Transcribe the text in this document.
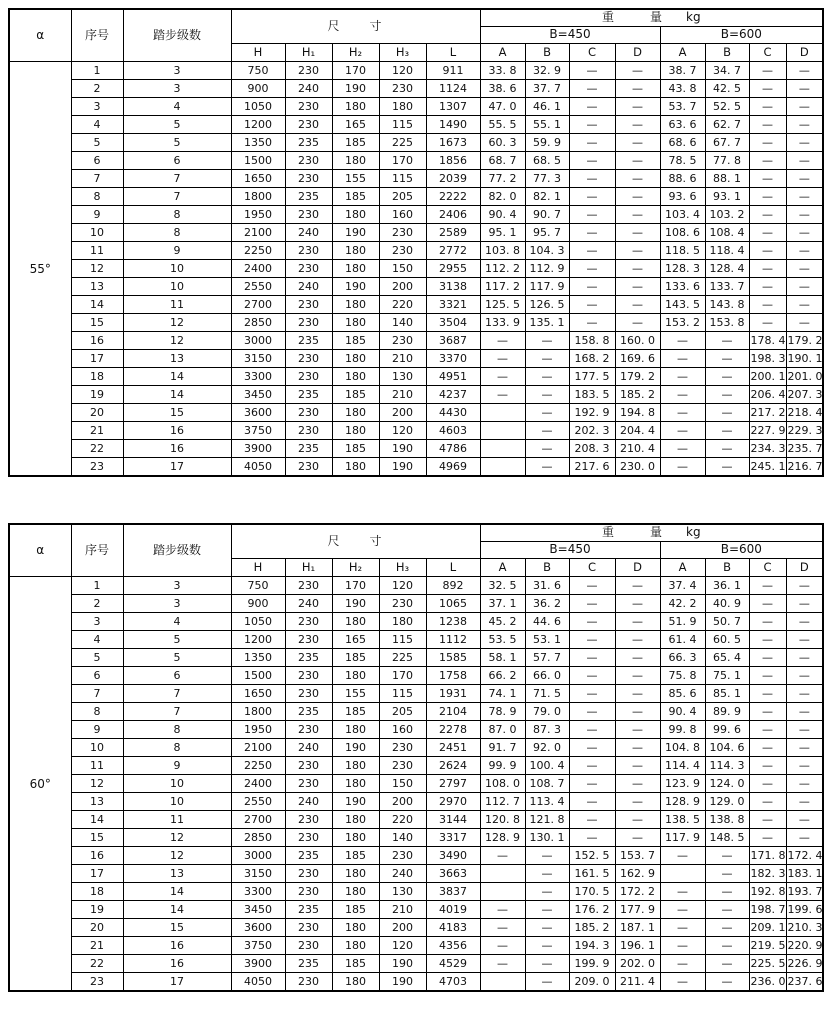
α	序号	踏步级数	尺　　寸					重　　　量　　kg							
								B=450				B=600			
			H	H₁	H₂	H₃	L	A	B	C	D	A	B	C	D
55°	1	3	750	230	170	120	911	33. 8	32. 9	—	—	38. 7	34. 7	—	—
	2	3	900	240	190	230	1124	38. 6	37. 7	—	—	43. 8	42. 5	—	—
	3	4	1050	230	180	180	1307	47. 0	46. 1	—	—	53. 7	52. 5	—	—
	4	5	1200	230	165	115	1490	55. 5	55. 1	—	—	63. 6	62. 7	—	—
	5	5	1350	235	185	225	1673	60. 3	59. 9	—	—	68. 6	67. 7	—	—
	6	6	1500	230	180	170	1856	68. 7	68. 5	—	—	78. 5	77. 8	—	—
	7	7	1650	230	155	115	2039	77. 2	77. 3	—	—	88. 6	88. 1	—	—
	8	7	1800	235	185	205	2222	82. 0	82. 1	—	—	93. 6	93. 1	—	—
	9	8	1950	230	180	160	2406	90. 4	90. 7	—	—	103. 4	103. 2	—	—
	10	8	2100	240	190	230	2589	95. 1	95. 7	—	—	108. 6	108. 4	—	—
	11	9	2250	230	180	230	2772	103. 8	104. 3	—	—	118. 5	118. 4	—	—
	12	10	2400	230	180	150	2955	112. 2	112. 9	—	—	128. 3	128. 4	—	—
	13	10	2550	240	190	200	3138	117. 2	117. 9	—	—	133. 6	133. 7	—	—
	14	11	2700	230	180	220	3321	125. 5	126. 5	—	—	143. 5	143. 8	—	—
	15	12	2850	230	180	140	3504	133. 9	135. 1	—	—	153. 2	153. 8	—	—
	16	12	3000	235	185	230	3687	—	—	158. 8	160. 0	—	—	178. 4	179. 2
	17	13	3150	230	180	210	3370	—	—	168. 2	169. 6	—	—	198. 3	190. 1
	18	14	3300	230	180	130	4951	—	—	177. 5	179. 2	—	—	200. 1	201. 0
	19	14	3450	235	185	210	4237	—	—	183. 5	185. 2	—	—	206. 4	207. 3
	20	15	3600	230	180	200	4430		—	192. 9	194. 8	—	—	217. 2	218. 4
	21	16	3750	230	180	120	4603		—	202. 3	204. 4	—	—	227. 9	229. 3
	22	16	3900	235	185	190	4786		—	208. 3	210. 4	—	—	234. 3	235. 7
	23	17	4050	230	180	190	4969		—	217. 6	230. 0	—	—	245. 1	216. 7
α	序号	踏步级数	尺　　寸					重　　　量　　kg							
								B=450				B=600			
			H	H₁	H₂	H₃	L	A	B	C	D	A	B	C	D
60°	1	3	750	230	170	120	892	32. 5	31. 6	—	—	37. 4	36. 1	—	—
	2	3	900	240	190	230	1065	37. 1	36. 2	—	—	42. 2	40. 9	—	—
	3	4	1050	230	180	180	1238	45. 2	44. 6	—	—	51. 9	50. 7	—	—
	4	5	1200	230	165	115	1112	53. 5	53. 1	—	—	61. 4	60. 5	—	—
	5	5	1350	235	185	225	1585	58. 1	57. 7	—	—	66. 3	65. 4	—	—
	6	6	1500	230	180	170	1758	66. 2	66. 0	—	—	75. 8	75. 1	—	—
	7	7	1650	230	155	115	1931	74. 1	71. 5	—	—	85. 6	85. 1	—	—
	8	7	1800	235	185	205	2104	78. 9	79. 0	—	—	90. 4	89. 9	—	—
	9	8	1950	230	180	160	2278	87. 0	87. 3	—	—	99. 8	99. 6	—	—
	10	8	2100	240	190	230	2451	91. 7	92. 0	—	—	104. 8	104. 6	—	—
	11	9	2250	230	180	230	2624	99. 9	100. 4	—	—	114. 4	114. 3	—	—
	12	10	2400	230	180	150	2797	108. 0	108. 7	—	—	123. 9	124. 0	—	—
	13	10	2550	240	190	200	2970	112. 7	113. 4	—	—	128. 9	129. 0	—	—
	14	11	2700	230	180	220	3144	120. 8	121. 8	—	—	138. 5	138. 8	—	—
	15	12	2850	230	180	140	3317	128. 9	130. 1	—	—	117. 9	148. 5	—	—
	16	12	3000	235	185	230	3490	—	—	152. 5	153. 7	—	—	171. 8	172. 4
	17	13	3150	230	180	240	3663		—	161. 5	162. 9		—	182. 3	183. 1
	18	14	3300	230	180	130	3837		—	170. 5	172. 2	—	—	192. 8	193. 7
	19	14	3450	235	185	210	4019	—	—	176. 2	177. 9	—	—	198. 7	199. 6
	20	15	3600	230	180	200	4183	—	—	185. 2	187. 1	—	—	209. 1	210. 3
	21	16	3750	230	180	120	4356	—	—	194. 3	196. 1	—	—	219. 5	220. 9
	22	16	3900	235	185	190	4529	—	—	199. 9	202. 0	—	—	225. 5	226. 9
	23	17	4050	230	180	190	4703		—	209. 0	211. 4	—	—	236. 0	237. 6
